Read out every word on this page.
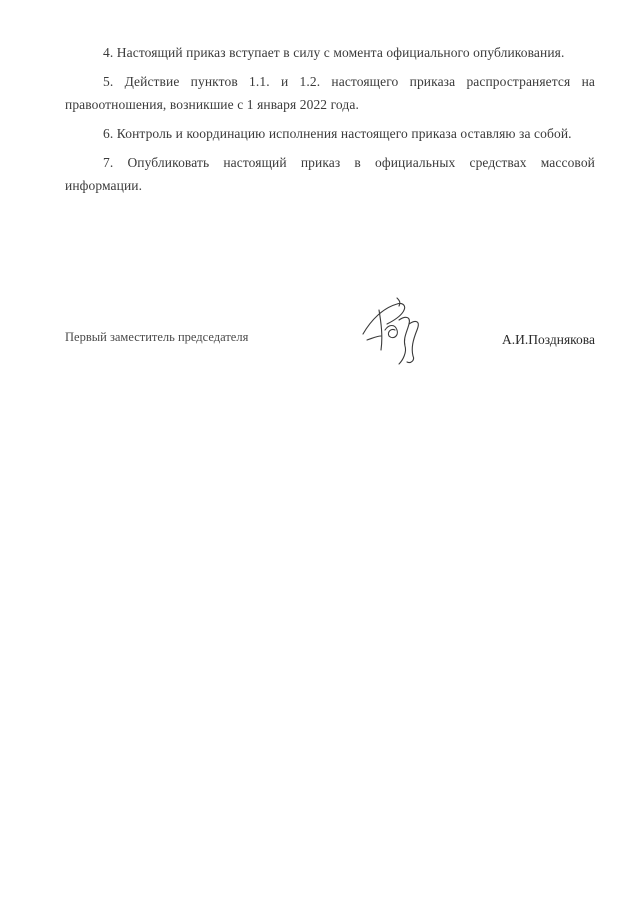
4. Настоящий приказ вступает в силу с момента официального опубликования.

5. Действие пунктов 1.1. и 1.2. настоящего приказа распространяется на правоотношения, возникшие с 1 января 2022 года.

6. Контроль и координацию исполнения настоящего приказа оставляю за собой.

7. Опубликовать настоящий приказ в официальных средствах массовой информации.

Первый заместитель председателя	А.И.Позднякова
